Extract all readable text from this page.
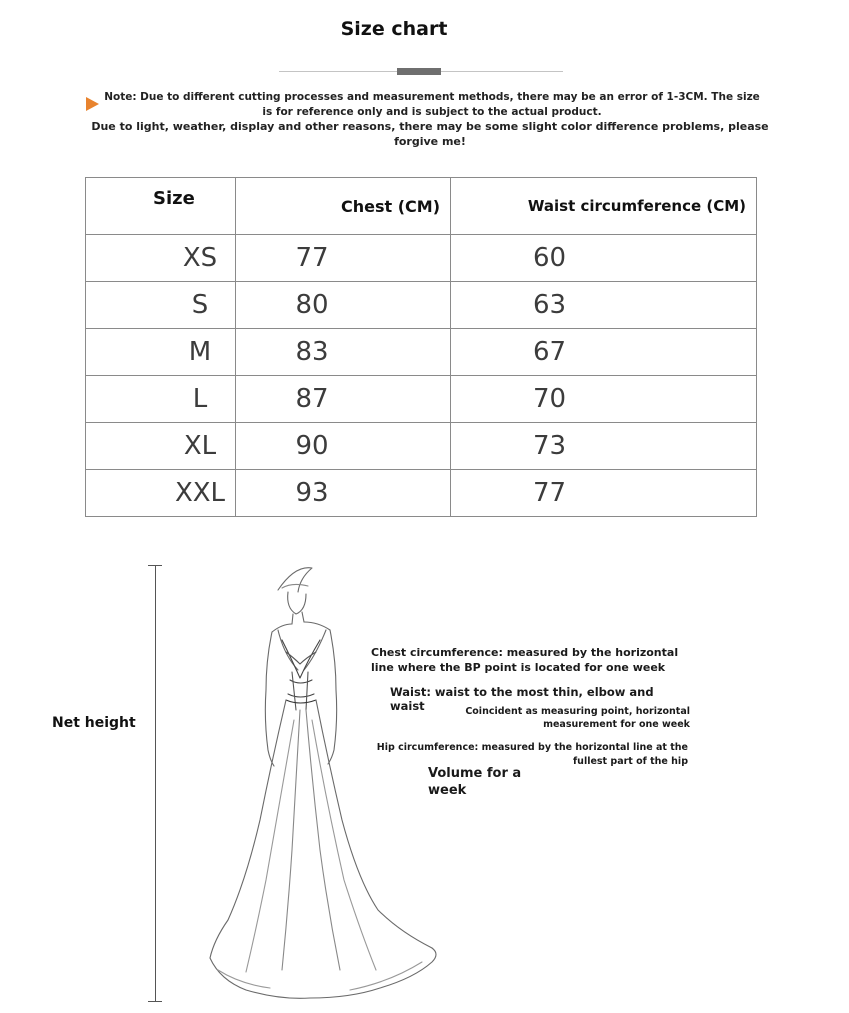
Size chart
Note: Due to different cutting processes and measurement methods, there may be an error of 1-3CM. The size is for reference only and is subject to the actual product.
Due to light, weather, display and other reasons, there may be some slight color difference problems, please forgive me!
Size	Chest (CM)	Waist circumference (CM)
XS	77	60
S	80	63
M	83	67
L	87	70
XL	90	73
XXL	93	77
Net height
Chest circumference: measured by the horizontal line where the BP point is located for one week
Waist: waist to the most thin, elbow and waist	Coincident as measuring point, horizontal measurement for one week
Hip circumference: measured by the horizontal line at the fullest part of the hip
Volume for a week
